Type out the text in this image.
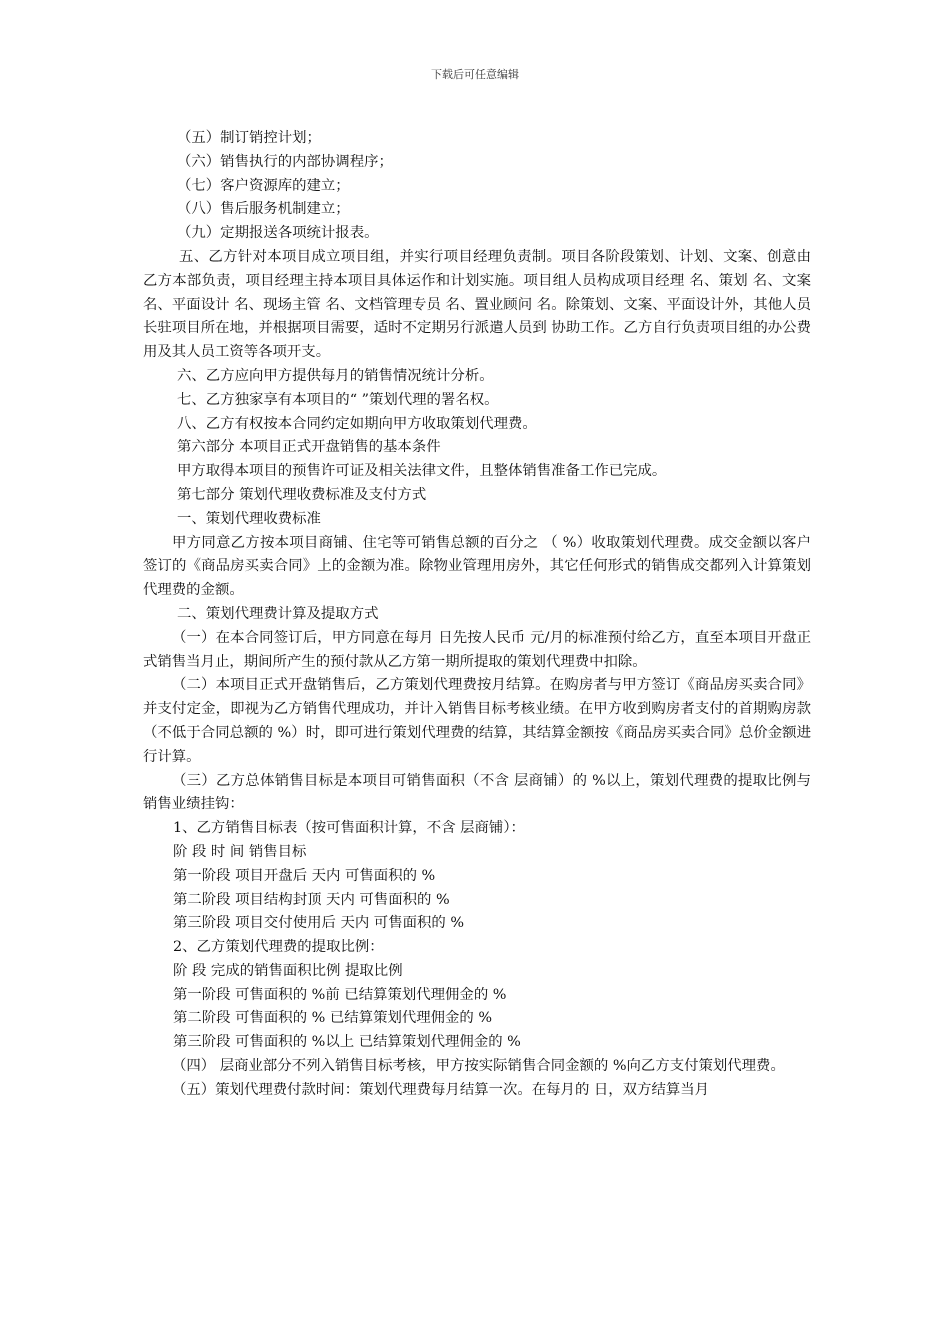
下载后可任意编辑

（五）制订销控计划；

（六）销售执行的内部协调程序；

（七）客户资源库的建立；

（八）售后服务机制建立；

（九）定期报送各项统计报表。

五、乙方针对本项目成立项目组，并实行项目经理负责制。项目各阶段策划、计划、文案、创意由乙方本部负责，项目经理主持本项目具体运作和计划实施。项目组人员构成项目经理 名、策划 名、文案 名、平面设计 名、现场主管 名、文档管理专员 名、置业顾问 名。除策划、文案、平面设计外，其他人员长驻项目所在地，并根据项目需要，适时不定期另行派遣人员到 协助工作。乙方自行负责项目组的办公费用及其人员工资等各项开支。

六、乙方应向甲方提供每月的销售情况统计分析。

七、乙方独家享有本项目的“ ”策划代理的署名权。

八、乙方有权按本合同约定如期向甲方收取策划代理费。

第六部分 本项目正式开盘销售的基本条件

甲方取得本项目的预售许可证及相关法律文件，且整体销售准备工作已完成。

第七部分 策划代理收费标准及支付方式

一、策划代理收费标准

甲方同意乙方按本项目商铺、住宅等可销售总额的百分之 （ %）收取策划代理费。成交金额以客户签订的《商品房买卖合同》上的金额为准。除物业管理用房外，其它任何形式的销售成交都列入计算策划代理费的金额。

二、策划代理费计算及提取方式

（一）在本合同签订后，甲方同意在每月 日先按人民币 元/月的标准预付给乙方，直至本项目开盘正式销售当月止，期间所产生的预付款从乙方第一期所提取的策划代理费中扣除。

（二）本项目正式开盘销售后，乙方策划代理费按月结算。在购房者与甲方签订《商品房买卖合同》并支付定金，即视为乙方销售代理成功，并计入销售目标考核业绩。在甲方收到购房者支付的首期购房款（不低于合同总额的 %）时，即可进行策划代理费的结算，其结算金额按《商品房买卖合同》总价金额进行计算。

（三）乙方总体销售目标是本项目可销售面积（不含 层商铺）的 %以上，策划代理费的提取比例与销售业绩挂钩：

1、乙方销售目标表（按可售面积计算，不含 层商铺）：

阶 段 时 间 销售目标

第一阶段 项目开盘后 天内 可售面积的 %

第二阶段 项目结构封顶 天内 可售面积的 %

第三阶段 项目交付使用后 天内 可售面积的 %

2、乙方策划代理费的提取比例：

阶 段 完成的销售面积比例 提取比例

第一阶段 可售面积的 %前 已结算策划代理佣金的 %

第二阶段 可售面积的 % 已结算策划代理佣金的 %

第三阶段 可售面积的 %以上 已结算策划代理佣金的 %

（四） 层商业部分不列入销售目标考核，甲方按实际销售合同金额的 %向乙方支付策划代理费。

（五）策划代理费付款时间：策划代理费每月结算一次。在每月的 日，双方结算当月
